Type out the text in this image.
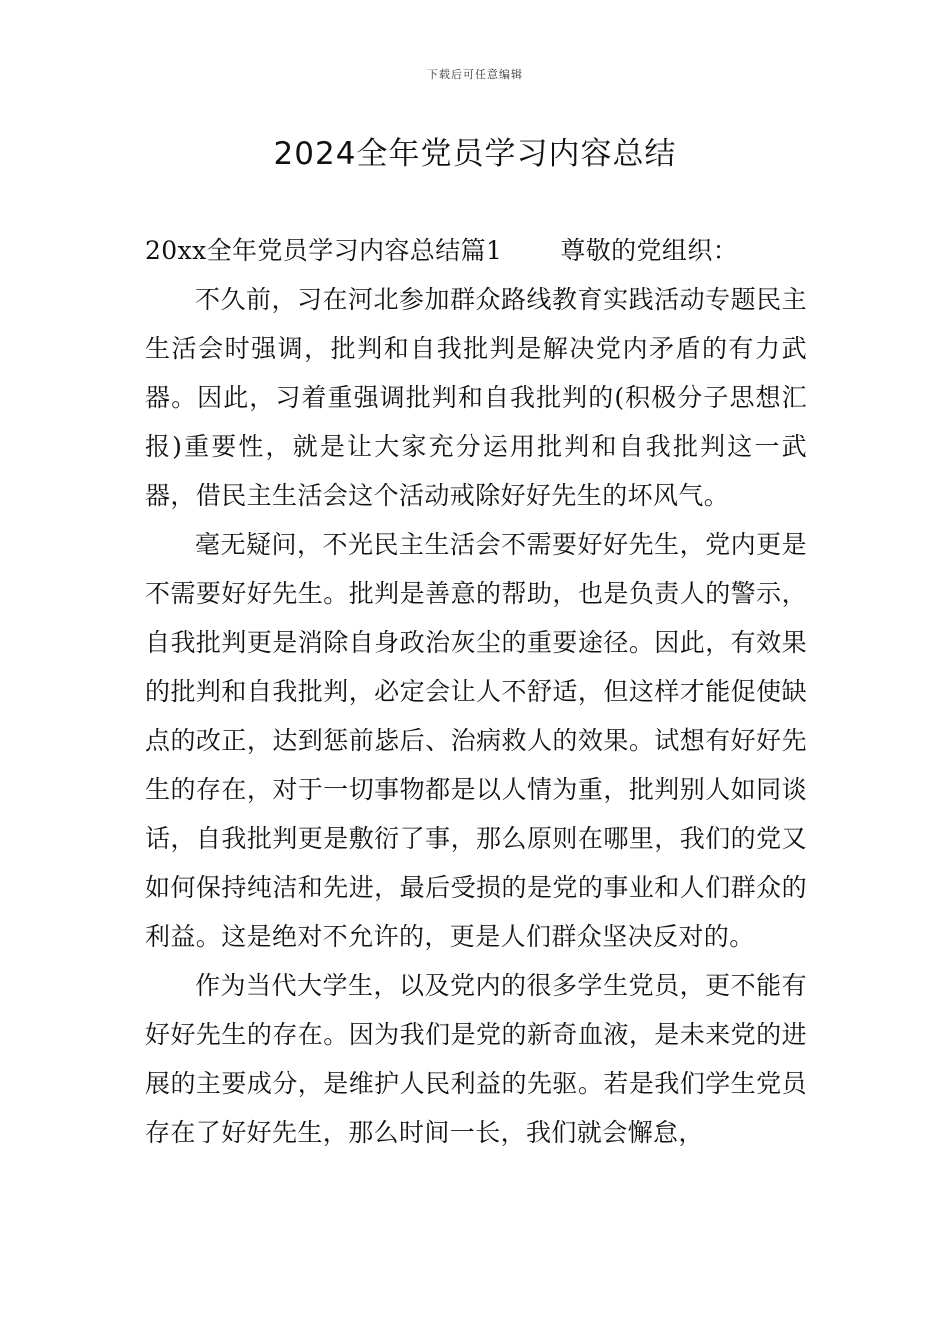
下载后可任意编辑
2024全年党员学习内容总结

20xx全年党员学习内容总结篇1 尊敬的党组织：

不久前，习在河北参加群众路线教育实践活动专题民主生活会时强调，批判和自我批判是解决党内矛盾的有力武器。因此，习着重强调批判和自我批判的(积极分子思想汇报)重要性，就是让大家充分运用批判和自我批判这一武器，借民主生活会这个活动戒除好好先生的坏风气。

毫无疑问，不光民主生活会不需要好好先生，党内更是不需要好好先生。批判是善意的帮助，也是负责人的警示，自我批判更是消除自身政治灰尘的重要途径。因此，有效果的批判和自我批判，必定会让人不舒适，但这样才能促使缺点的改正，达到惩前毖后、治病救人的效果。试想有好好先生的存在，对于一切事物都是以人情为重，批判别人如同谈话，自我批判更是敷衍了事，那么原则在哪里，我们的党又如何保持纯洁和先进，最后受损的是党的事业和人们群众的利益。这是绝对不允许的，更是人们群众坚决反对的。

作为当代大学生，以及党内的很多学生党员，更不能有好好先生的存在。因为我们是党的新奇血液，是未来党的进展的主要成分，是维护人民利益的先驱。若是我们学生党员存在了好好先生，那么时间一长，我们就会懈怠，
